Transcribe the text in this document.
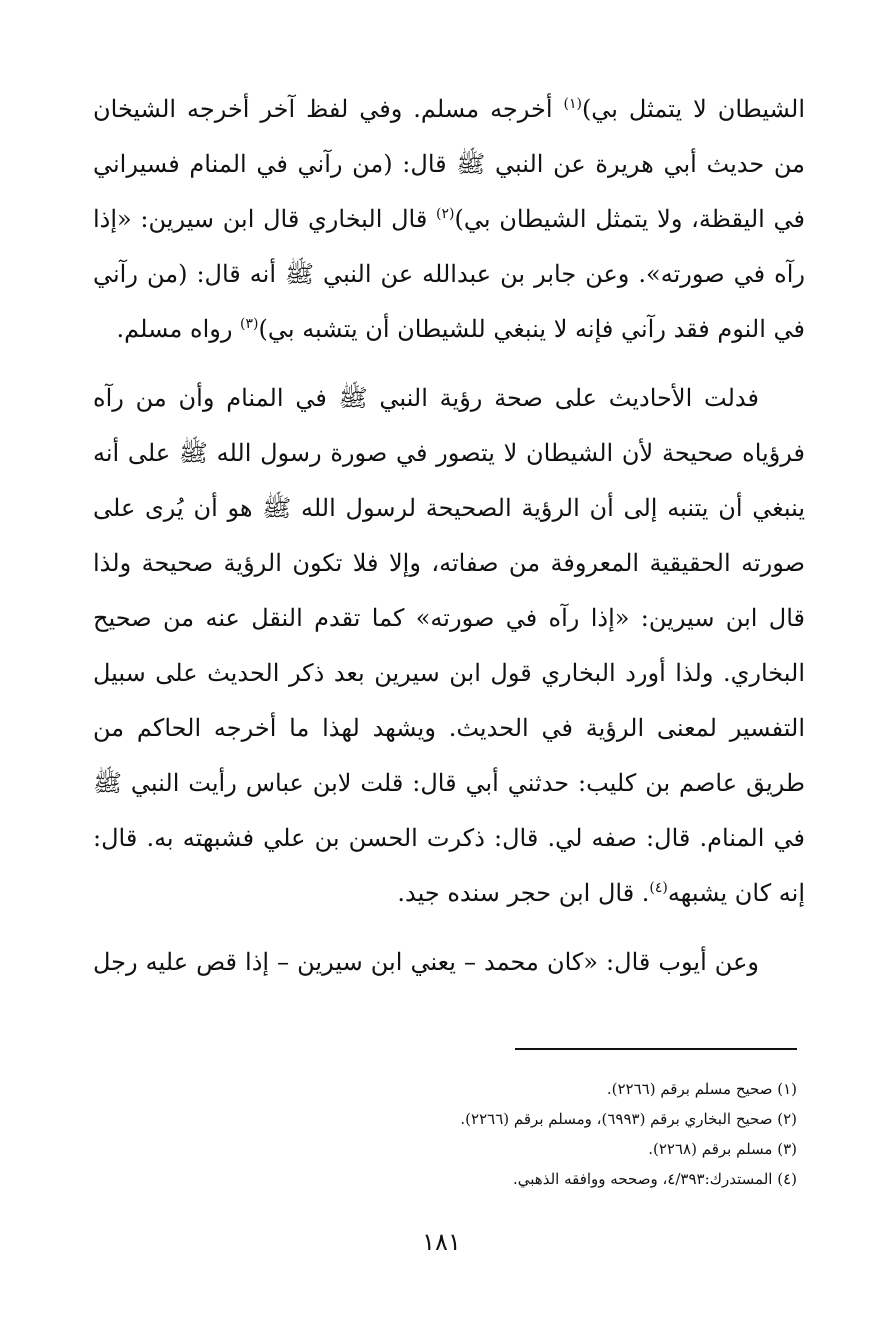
الشيطان لا يتمثل بي)$^{(١)}$ أخرجه مسلم. وفي لفظ آخر أخرجه الشيخان من حديث أبي هريرة عن النبي ﷺ قال: (من رآني في المنام فسيراني في اليقظة، ولا يتمثل الشيطان بي)$^{(٢)}$ قال البخاري قال ابن سيرين: «إذا رآه في صورته». وعن جابر بن عبدالله عن النبي ﷺ أنه قال: (من رآني في النوم فقد رآني فإنه لا ينبغي للشيطان أن يتشبه بي)$^{(٣)}$ رواه مسلم.

فدلت الأحاديث على صحة رؤية النبي ﷺ في المنام وأن من رآه فرؤياه صحيحة لأن الشيطان لا يتصور في صورة رسول الله ﷺ على أنه ينبغي أن يتنبه إلى أن الرؤية الصحيحة لرسول الله ﷺ هو أن يُرى على صورته الحقيقية المعروفة من صفاته، وإلا فلا تكون الرؤية صحيحة ولذا قال ابن سيرين: «إذا رآه في صورته» كما تقدم النقل عنه من صحيح البخاري. ولذا أورد البخاري قول ابن سيرين بعد ذكر الحديث على سبيل التفسير لمعنى الرؤية في الحديث. ويشهد لهذا ما أخرجه الحاكم من طريق عاصم بن كليب: حدثني أبي قال: قلت لابن عباس رأيت النبي ﷺ في المنام. قال: صفه لي. قال: ذكرت الحسن بن علي فشبهته به. قال: إنه كان يشبهه$^{(٤)}$. قال ابن حجر سنده جيد.

وعن أيوب قال: «كان محمد – يعني ابن سيرين – إذا قص عليه رجل

(١) صحيح مسلم برقم (٢٢٦٦).
(٢) صحيح البخاري برقم (٦٩٩٣)، ومسلم برقم (٢٢٦٦).
(٣) مسلم برقم (٢٢٦٨).
(٤) المستدرك:٤/٣٩٣، وصححه ووافقه الذهبي.
١٨١
